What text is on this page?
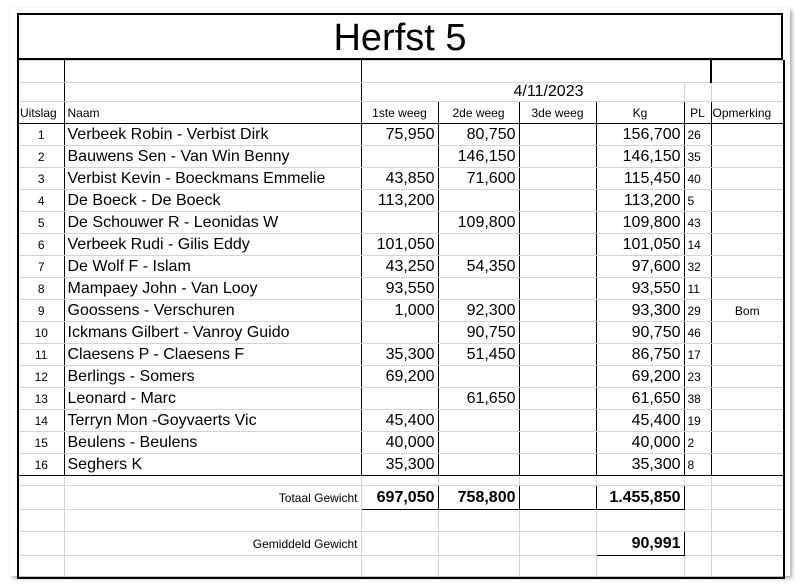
Herfst 5

		4/11/2023					
Uitslag	Naam	1ste weeg	2de weeg	3de weeg	Kg	PL	Opmerking
1	Verbeek Robin - Verbist Dirk	75,950	80,750		156,700	26	
2	Bauwens Sen - Van Win Benny		146,150		146,150	35	
3	Verbist Kevin - Boeckmans Emmelie	43,850	71,600		115,450	40	
4	De Boeck - De Boeck	113,200			113,200	5	
5	De Schouwer R - Leonidas W		109,800		109,800	43	
6	Verbeek Rudi - Gilis Eddy	101,050			101,050	14	
7	De Wolf F - Islam	43,250	54,350		97,600	32	
8	Mampaey John - Van Looy	93,550			93,550	11	
9	Goossens - Verschuren	1,000	92,300		93,300	29	Bom
10	Ickmans Gilbert - Vanroy Guido		90,750		90,750	46	
11	Claesens P - Claesens F	35,300	51,450		86,750	17	
12	Berlings - Somers	69,200			69,200	23	
13	Leonard - Marc		61,650		61,650	38	
14	Terryn Mon -Goyvaerts Vic	45,400			45,400	19	
15	Beulens - Beulens	40,000			40,000	2	
16	Seghers K	35,300			35,300	8	

	Totaal Gewicht	697,050	758,800		1.455,850		

	Gemiddeld Gewicht				90,991		
